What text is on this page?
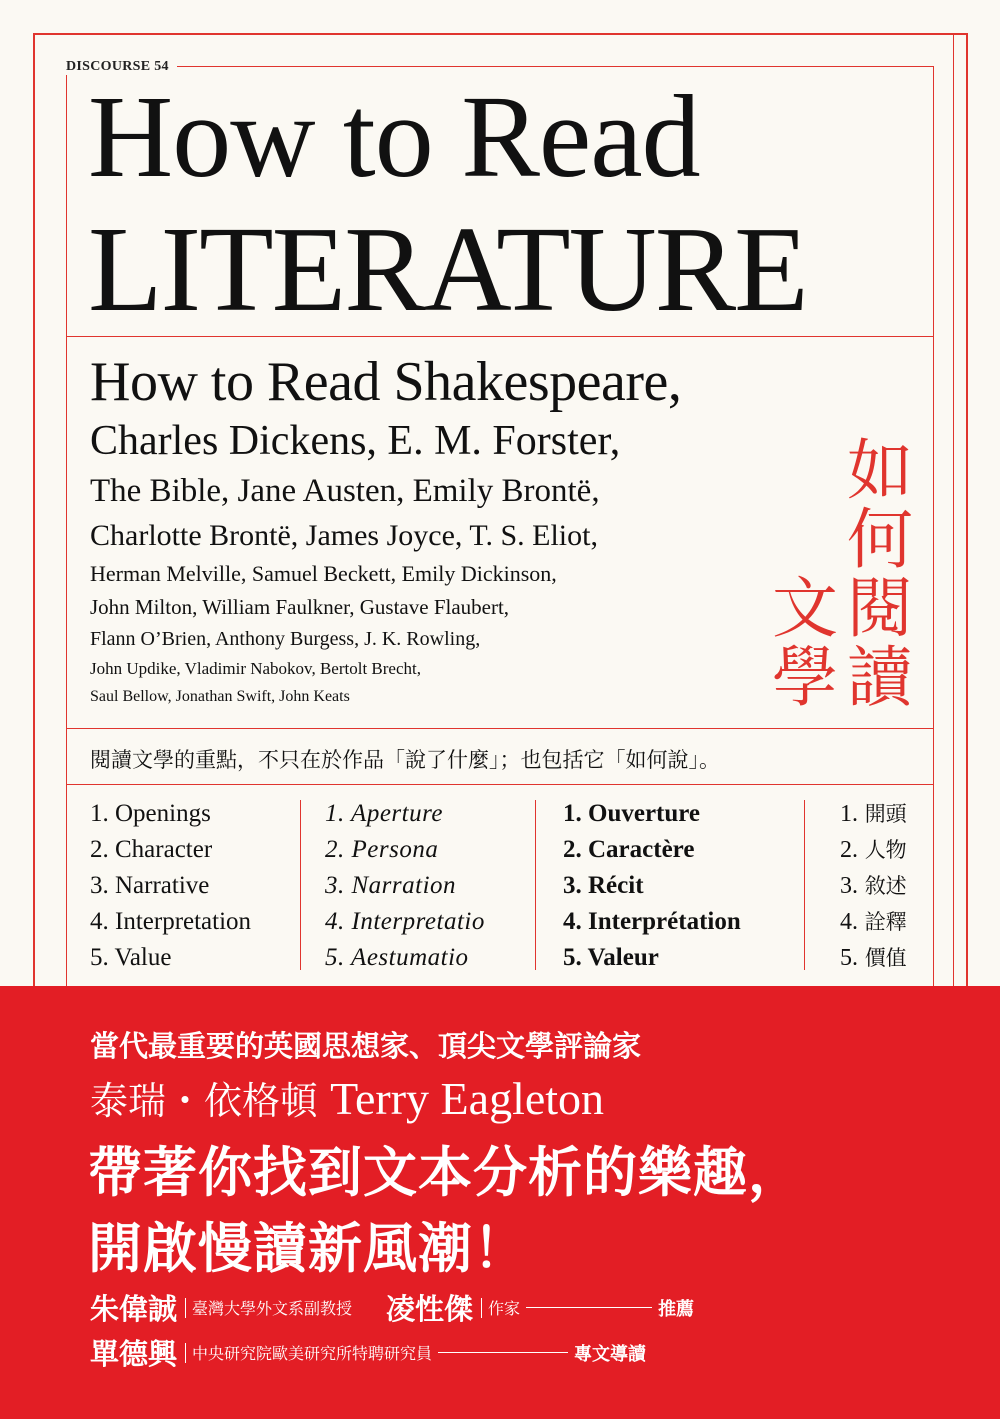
DISCOURSE 54
How to Read
LITERATURE
How to Read Shakespeare,
Charles Dickens, E. M. Forster,
The Bible, Jane Austen, Emily Brontë,
Charlotte Brontë, James Joyce, T. S. Eliot,
Herman Melville, Samuel Beckett, Emily Dickinson,
John Milton, William Faulkner, Gustave Flaubert,
Flann O’Brien, Anthony Burgess, J. K. Rowling,
John Updike, Vladimir Nabokov, Bertolt Brecht,
Saul Bellow, Jonathan Swift, John Keats
如
何
閱
讀
文
學
閱讀文學的重點，不只在於作品「說了什麼」；也包括它「如何說」。
1. Openings
2. Character
3. Narrative
4. Interpretation
5. Value
1. Aperture
2. Persona
3. Narration
4. Interpretatio
5. Aestumatio
1. Ouverture
2. Caractère
3. Récit
4. Interprétation
5. Valeur
1. 開頭
2. 人物
3. 敘述
4. 詮釋
5. 價值
當代最重要的英國思想家、頂尖文學評論家
泰瑞・依格頓 Terry Eagleton
帶著你找到文本分析的樂趣，
開啟慢讀新風潮！
朱偉誠 臺灣大學外文系副教授 凌性傑 作家	推薦
單德興 中央研究院歐美研究所特聘研究員	專文導讀
